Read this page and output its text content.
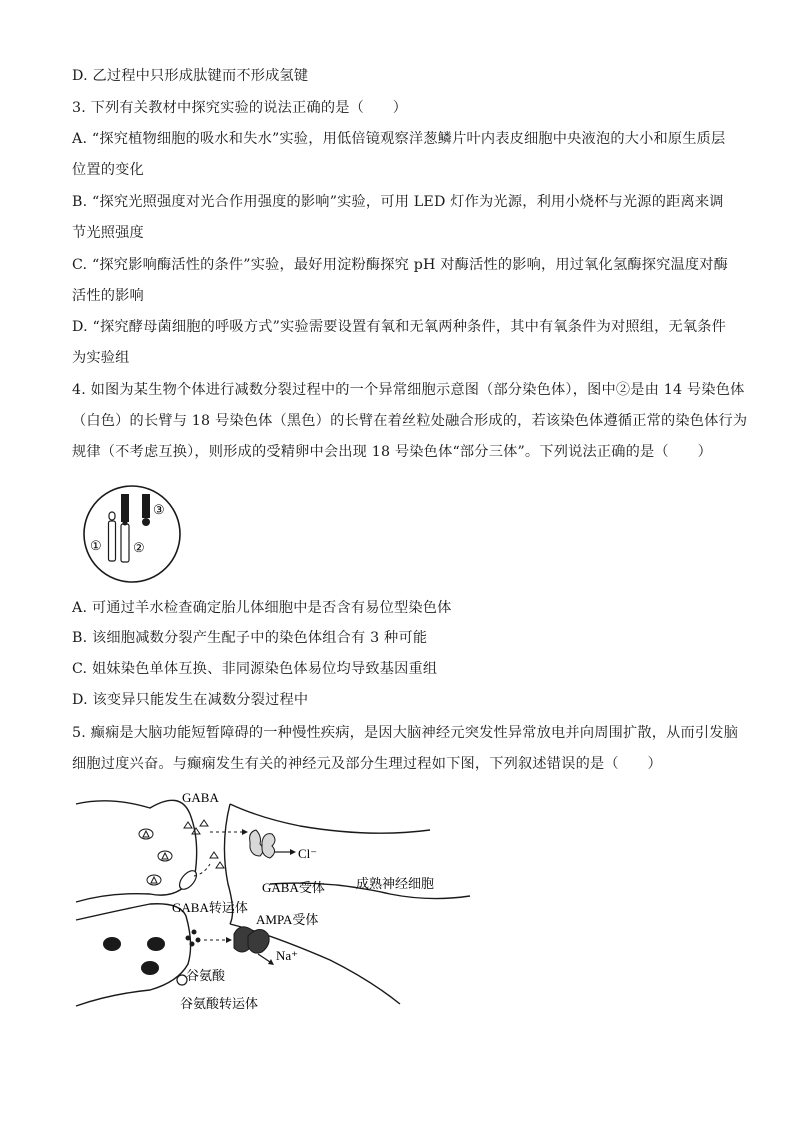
D. 乙过程中只形成肽键而不形成氢键
3. 下列有关教材中探究实验的说法正确的是（　　）
A. “探究植物细胞的吸水和失水”实验，用低倍镜观察洋葱鳞片叶内表皮细胞中央液泡的大小和原生质层
位置的变化
B. “探究光照强度对光合作用强度的影响”实验，可用 LED 灯作为光源，利用小烧杯与光源的距离来调
节光照强度
C. “探究影响酶活性的条件”实验，最好用淀粉酶探究 pH 对酶活性的影响，用过氧化氢酶探究温度对酶
活性的影响
D. “探究酵母菌细胞的呼吸方式”实验需要设置有氧和无氧两种条件，其中有氧条件为对照组，无氧条件
为实验组
4. 如图为某生物个体进行减数分裂过程中的一个异常细胞示意图（部分染色体），图中②是由 14 号染色体
（白色）的长臂与 18 号染色体（黑色）的长臂在着丝粒处融合形成的，若该染色体遵循正常的染色体行为
规律（不考虑互换），则形成的受精卵中会出现 18 号染色体“部分三体”。下列说法正确的是（　　）
① ②
③
A. 可通过羊水检查确定胎儿体细胞中是否含有易位型染色体
B. 该细胞减数分裂产生配子中的染色体组合有 3 种可能
C. 姐妹染色单体互换、非同源染色体易位均导致基因重组
D. 该变异只能发生在减数分裂过程中
5. 癫痫是大脑功能短暂障碍的一种慢性疾病，是因大脑神经元突发性异常放电并向周围扩散，从而引发脑
细胞过度兴奋。与癫痫发生有关的神经元及部分生理过程如下图，下列叙述错误的是（　　）
GABA
Cl⁻
GABA受体 成熟神经细胞
GABA转运体
AMPA受体
Na⁺
谷氨酸
谷氨酸转运体
